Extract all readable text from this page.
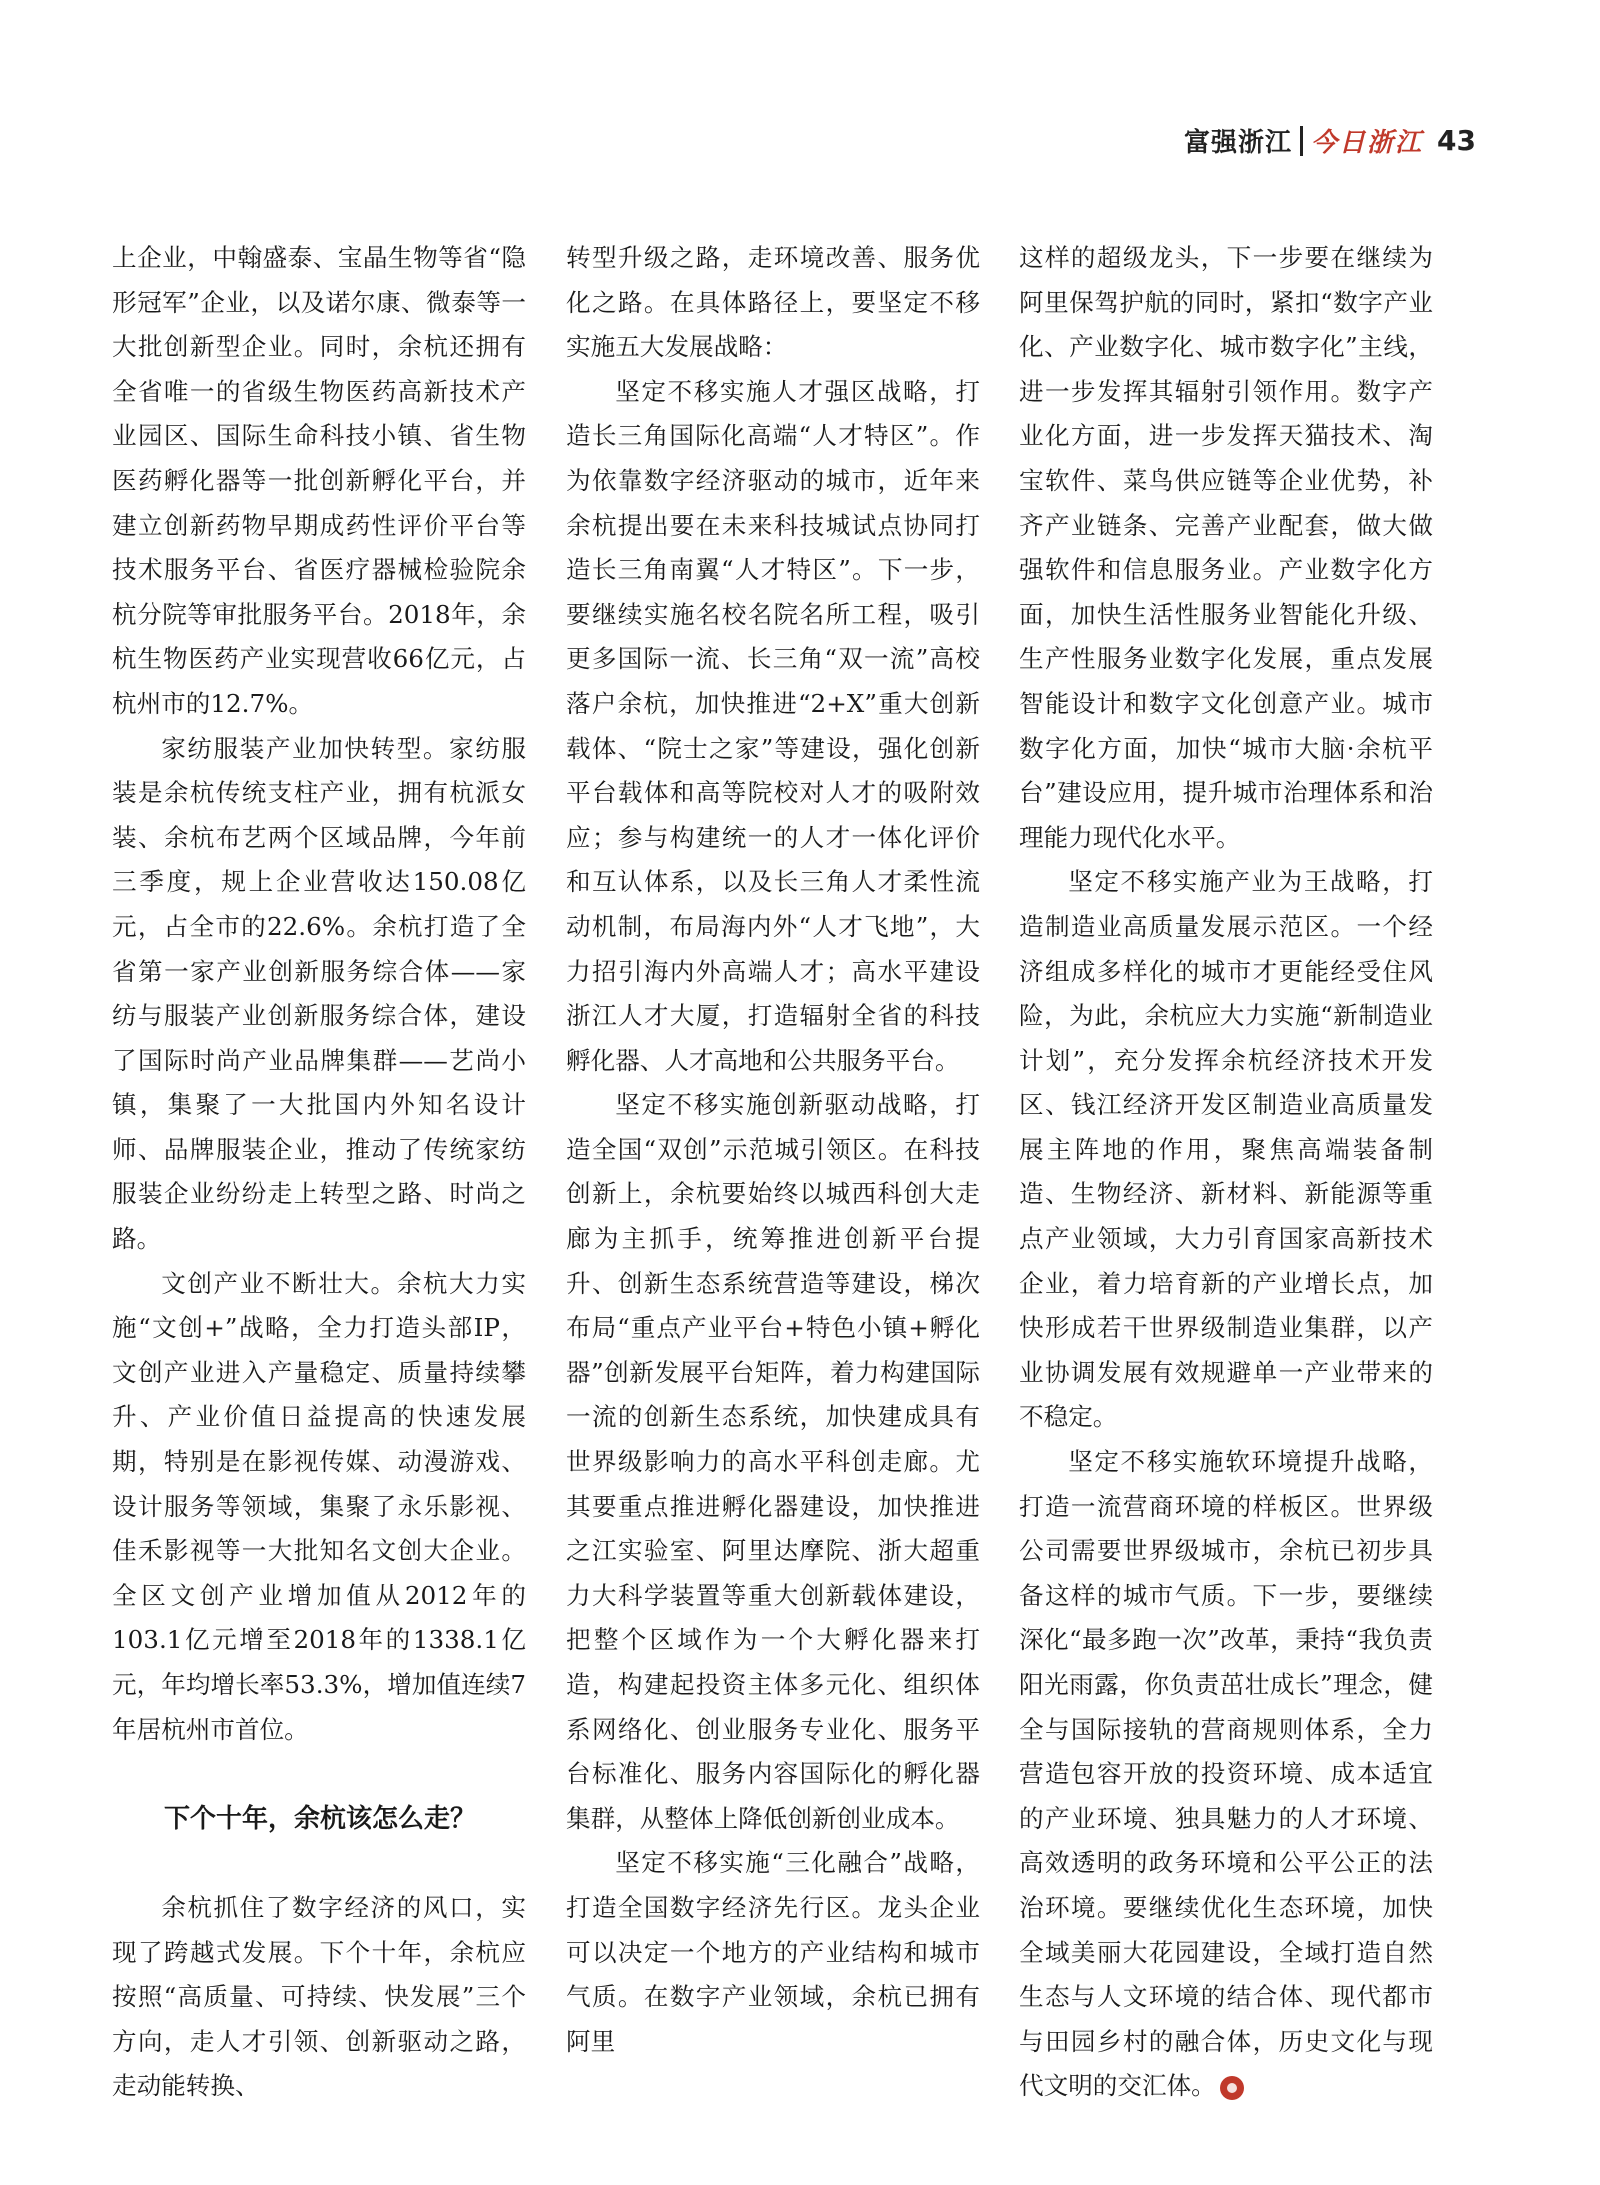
富强浙江 今日浙江 43

上企业，中翰盛泰、宝晶生物等省“隐形冠军”企业，以及诺尔康、微泰等一大批创新型企业。同时，余杭还拥有全省唯一的省级生物医药高新技术产业园区、国际生命科技小镇、省生物医药孵化器等一批创新孵化平台，并建立创新药物早期成药性评价平台等技术服务平台、省医疗器械检验院余杭分院等审批服务平台。2018年，余杭生物医药产业实现营收66亿元，占杭州市的12.7%。

家纺服装产业加快转型。家纺服装是余杭传统支柱产业，拥有杭派女装、余杭布艺两个区域品牌，今年前三季度，规上企业营收达150.08亿元，占全市的22.6%。余杭打造了全省第一家产业创新服务综合体——家纺与服装产业创新服务综合体，建设了国际时尚产业品牌集群——艺尚小镇，集聚了一大批国内外知名设计师、品牌服装企业，推动了传统家纺服装企业纷纷走上转型之路、时尚之路。

文创产业不断壮大。余杭大力实施“文创+”战略，全力打造头部IP，文创产业进入产量稳定、质量持续攀升、产业价值日益提高的快速发展期，特别是在影视传媒、动漫游戏、设计服务等领域，集聚了永乐影视、佳禾影视等一大批知名文创大企业。全区文创产业增加值从2012年的103.1亿元增至2018年的1338.1亿元，年均增长率53.3%，增加值连续7年居杭州市首位。

下个十年，余杭该怎么走？

余杭抓住了数字经济的风口，实现了跨越式发展。下个十年，余杭应按照“高质量、可持续、快发展”三个方向，走人才引领、创新驱动之路，走动能转换、

转型升级之路，走环境改善、服务优化之路。在具体路径上，要坚定不移实施五大发展战略：

坚定不移实施人才强区战略，打造长三角国际化高端“人才特区”。作为依靠数字经济驱动的城市，近年来余杭提出要在未来科技城试点协同打造长三角南翼“人才特区”。下一步，要继续实施名校名院名所工程，吸引更多国际一流、长三角“双一流”高校落户余杭，加快推进“2+X”重大创新载体、“院士之家”等建设，强化创新平台载体和高等院校对人才的吸附效应；参与构建统一的人才一体化评价和互认体系，以及长三角人才柔性流动机制，布局海内外“人才飞地”，大力招引海内外高端人才；高水平建设浙江人才大厦，打造辐射全省的科技孵化器、人才高地和公共服务平台。

坚定不移实施创新驱动战略，打造全国“双创”示范城引领区。在科技创新上，余杭要始终以城西科创大走廊为主抓手，统筹推进创新平台提升、创新生态系统营造等建设，梯次布局“重点产业平台+特色小镇+孵化器”创新发展平台矩阵，着力构建国际一流的创新生态系统，加快建成具有世界级影响力的高水平科创走廊。尤其要重点推进孵化器建设，加快推进之江实验室、阿里达摩院、浙大超重力大科学装置等重大创新载体建设，把整个区域作为一个大孵化器来打造，构建起投资主体多元化、组织体系网络化、创业服务专业化、服务平台标准化、服务内容国际化的孵化器集群，从整体上降低创新创业成本。

坚定不移实施“三化融合”战略，打造全国数字经济先行区。龙头企业可以决定一个地方的产业结构和城市气质。在数字产业领域，余杭已拥有阿里

这样的超级龙头，下一步要在继续为阿里保驾护航的同时，紧扣“数字产业化、产业数字化、城市数字化”主线，进一步发挥其辐射引领作用。数字产业化方面，进一步发挥天猫技术、淘宝软件、菜鸟供应链等企业优势，补齐产业链条、完善产业配套，做大做强软件和信息服务业。产业数字化方面，加快生活性服务业智能化升级、生产性服务业数字化发展，重点发展智能设计和数字文化创意产业。城市数字化方面，加快“城市大脑·余杭平台”建设应用，提升城市治理体系和治理能力现代化水平。

坚定不移实施产业为王战略，打造制造业高质量发展示范区。一个经济组成多样化的城市才更能经受住风险，为此，余杭应大力实施“新制造业计划”，充分发挥余杭经济技术开发区、钱江经济开发区制造业高质量发展主阵地的作用，聚焦高端装备制造、生物经济、新材料、新能源等重点产业领域，大力引育国家高新技术企业，着力培育新的产业增长点，加快形成若干世界级制造业集群，以产业协调发展有效规避单一产业带来的不稳定。

坚定不移实施软环境提升战略，打造一流营商环境的样板区。世界级公司需要世界级城市，余杭已初步具备这样的城市气质。下一步，要继续深化“最多跑一次”改革，秉持“我负责阳光雨露，你负责茁壮成长”理念，健全与国际接轨的营商规则体系，全力营造包容开放的投资环境、成本适宜的产业环境、独具魅力的人才环境、高效透明的政务环境和公平公正的法治环境。要继续优化生态环境，加快全域美丽大花园建设，全域打造自然生态与人文环境的结合体、现代都市与田园乡村的融合体，历史文化与现代文明的交汇体。
